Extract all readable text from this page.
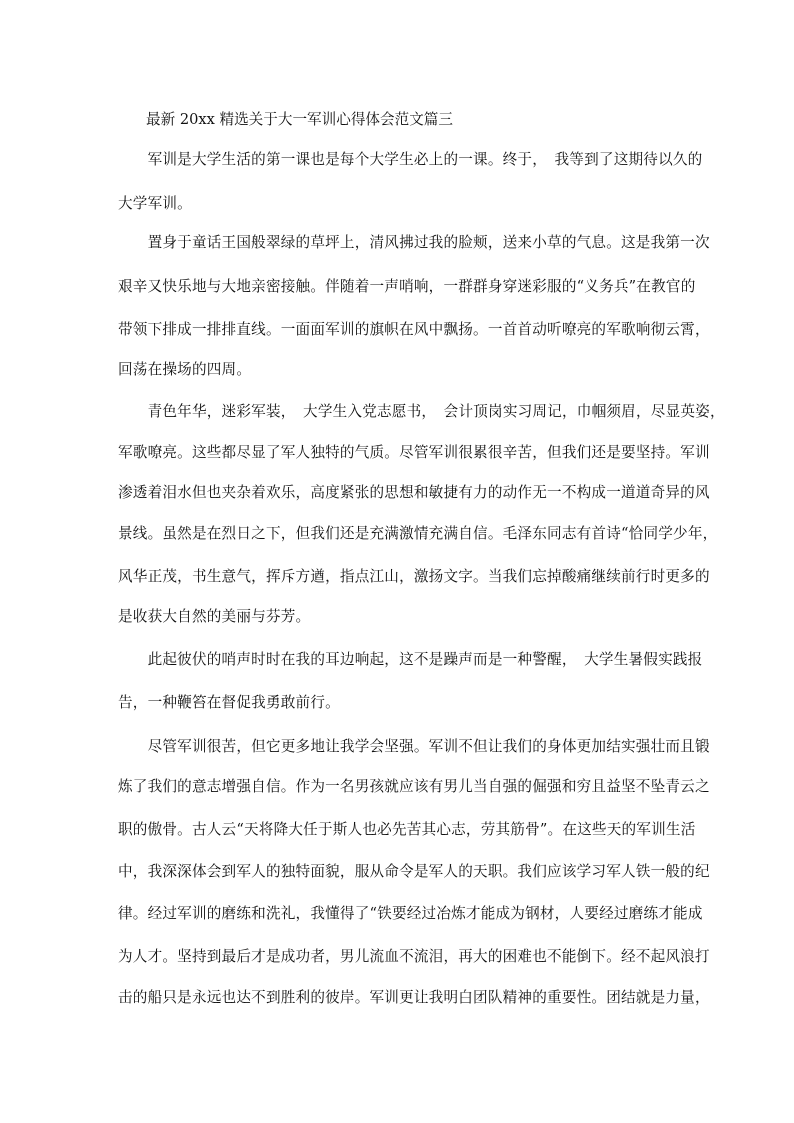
最新 20xx 精选关于大一军训心得体会范文篇三
　　军训是大学生活的第一课也是每个大学生必上的一课。终于，　我等到了这期待以久的
大学军训。
　　置身于童话王国般翠绿的草坪上，清风拂过我的脸颊，送来小草的气息。这是我第一次
艰辛又快乐地与大地亲密接触。伴随着一声哨响，一群群身穿迷彩服的“义务兵”在教官的
带领下排成一排排直线。一面面军训的旗帜在风中飘扬。一首首动听嘹亮的军歌响彻云霄，
回荡在操场的四周。
　　青色年华，迷彩军装，　大学生入党志愿书，　会计顶岗实习周记，巾帼须眉，尽显英姿，
军歌嘹亮。这些都尽显了军人独特的气质。尽管军训很累很辛苦，但我们还是要坚持。军训
渗透着泪水但也夹杂着欢乐，高度紧张的思想和敏捷有力的动作无一不构成一道道奇异的风
景线。虽然是在烈日之下，但我们还是充满激情充满自信。毛泽东同志有首诗“恰同学少年，
风华正茂，书生意气，挥斥方遒，指点江山，激扬文字。当我们忘掉酸痛继续前行时更多的
是收获大自然的美丽与芬芳。
　　此起彼伏的哨声时时在我的耳边响起，这不是躁声而是一种警醒，　大学生暑假实践报
告，一种鞭笞在督促我勇敢前行。
　　尽管军训很苦，但它更多地让我学会坚强。军训不但让我们的身体更加结实强壮而且锻
炼了我们的意志增强自信。作为一名男孩就应该有男儿当自强的倔强和穷且益坚不坠青云之
职的傲骨。古人云“天将降大任于斯人也必先苦其心志，劳其筋骨”。在这些天的军训生活
中，我深深体会到军人的独特面貌，服从命令是军人的天职。我们应该学习军人铁一般的纪
律。经过军训的磨练和洗礼，我懂得了“铁要经过冶炼才能成为钢材，人要经过磨练才能成
为人才。坚持到最后才是成功者，男儿流血不流泪，再大的困难也不能倒下。经不起风浪打
击的船只是永远也达不到胜利的彼岸。军训更让我明白团队精神的重要性。团结就是力量，
